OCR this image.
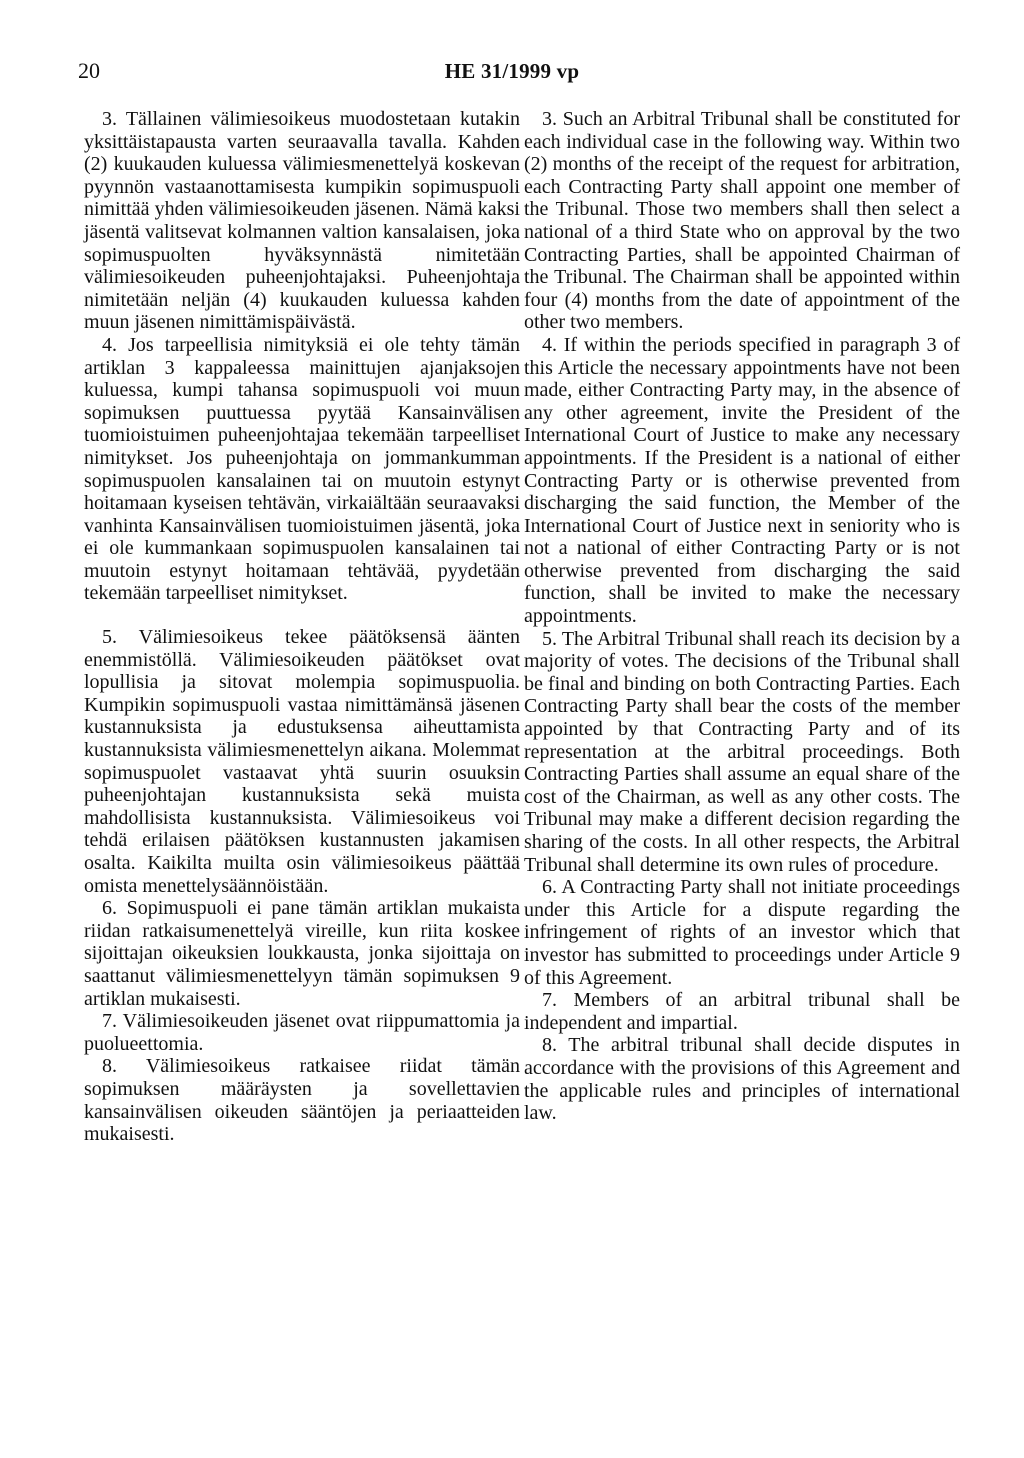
20	HE 31/1999 vp

3. Tällainen välimiesoikeus muodostetaan kutakin yksittäistapausta varten seuraavalla tavalla. Kahden (2) kuukauden kuluessa välimiesmenettelyä koskevan pyynnön vastaanottamisesta kumpikin sopimuspuoli nimittää yhden välimiesoikeuden jäsenen. Nämä kaksi jäsentä valitsevat kolmannen valtion kansalaisen, joka sopimuspuolten hyväksynnästä nimitetään välimiesoikeuden puheenjohtajaksi. Puheenjohtaja nimitetään neljän (4) kuukauden kuluessa kahden muun jäsenen nimittämispäivästä.

4. Jos tarpeellisia nimityksiä ei ole tehty tämän artiklan 3 kappaleessa mainittujen ajanjaksojen kuluessa, kumpi tahansa sopimuspuoli voi muun sopimuksen puuttuessa pyytää Kansainvälisen tuomioistuimen puheenjohtajaa tekemään tarpeelliset nimitykset. Jos puheenjohtaja on jommankumman sopimuspuolen kansalainen tai on muutoin estynyt hoitamaan kyseisen tehtävän, virkaiältään seuraavaksi vanhinta Kansainvälisen tuomioistuimen jäsentä, joka ei ole kummankaan sopimuspuolen kansalainen tai muutoin estynyt hoitamaan tehtävää, pyydetään tekemään tarpeelliset nimitykset.

5. Välimiesoikeus tekee päätöksensä äänten enemmistöllä. Välimiesoikeuden päätökset ovat lopullisia ja sitovat molempia sopimuspuolia. Kumpikin sopimuspuoli vastaa nimittämänsä jäsenen kustannuksista ja edustuksensa aiheuttamista kustannuksista välimiesmenettelyn aikana. Molemmat sopimuspuolet vastaavat yhtä suurin osuuksin puheenjohtajan kustannuksista sekä muista mahdollisista kustannuksista. Välimiesoikeus voi tehdä erilaisen päätöksen kustannusten jakamisen osalta. Kaikilta muilta osin välimiesoikeus päättää omista menettelysäännöistään.

6. Sopimuspuoli ei pane tämän artiklan mukaista riidan ratkaisumenettelyä vireille, kun riita koskee sijoittajan oikeuksien loukkausta, jonka sijoittaja on saattanut välimiesmenettelyyn tämän sopimuksen 9 artiklan mukaisesti.

7. Välimiesoikeuden jäsenet ovat riippumattomia ja puolueettomia.

8. Välimiesoikeus ratkaisee riidat tämän sopimuksen määräysten ja sovellettavien kansainvälisen oikeuden sääntöjen ja periaatteiden mukaisesti.

3. Such an Arbitral Tribunal shall be constituted for each individual case in the following way. Within two (2) months of the receipt of the request for arbitration, each Contracting Party shall appoint one member of the Tribunal. Those two members shall then select a national of a third State who on approval by the two Contracting Parties, shall be appointed Chairman of the Tribunal. The Chairman shall be appointed within four (4) months from the date of appointment of the other two members.

4. If within the periods specified in paragraph 3 of this Article the necessary appointments have not been made, either Contracting Party may, in the absence of any other agreement, invite the President of the International Court of Justice to make any necessary appointments. If the President is a national of either Contracting Party or is otherwise prevented from discharging the said function, the Member of the International Court of Justice next in seniority who is not a national of either Contracting Party or is not otherwise prevented from discharging the said function, shall be invited to make the necessary appointments.

5. The Arbitral Tribunal shall reach its decision by a majority of votes. The decisions of the Tribunal shall be final and binding on both Contracting Parties. Each Contracting Party shall bear the costs of the member appointed by that Contracting Party and of its representation at the arbitral proceedings. Both Contracting Parties shall assume an equal share of the cost of the Chairman, as well as any other costs. The Tribunal may make a different decision regarding the sharing of the costs. In all other respects, the Arbitral Tribunal shall determine its own rules of procedure.

6. A Contracting Party shall not initiate proceedings under this Article for a dispute regarding the infringement of rights of an investor which that investor has submitted to proceedings under Article 9 of this Agreement.

7. Members of an arbitral tribunal shall be independent and impartial.

8. The arbitral tribunal shall decide disputes in accordance with the provisions of this Agreement and the applicable rules and principles of international law.
